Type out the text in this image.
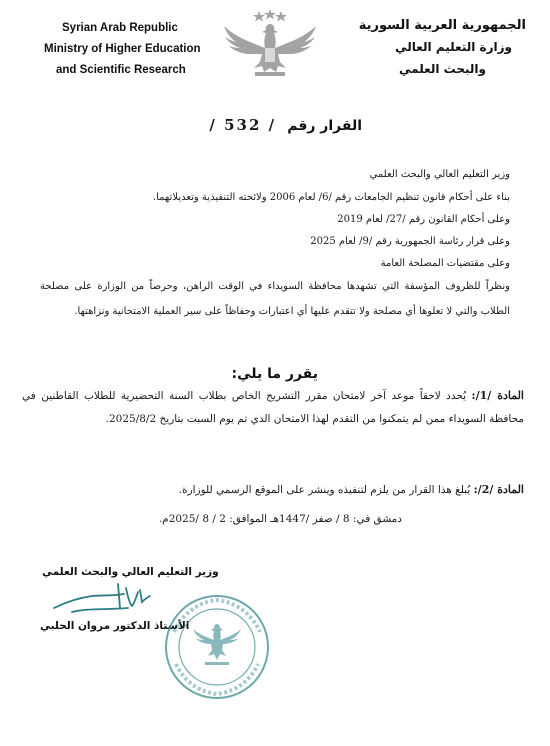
Syrian Arab Republic
Ministry of Higher Education
and Scientific Research
الجمهورية العربية السورية
وزارة التعليم العالي
والبحث العلمي
القرار رقم / 532 /
وزير التعليم العالي والبحث العلمي
بناء على أحكام قانون تنظيم الجامعات رقم /6/ لعام 2006 ولائحته التنفيذية وتعديلاتهما.
وعلى أحكام القانون رقم /27/ لعام 2019
وعلى قرار رئاسة الجمهورية رقم /9/ لعام 2025
وعلى مقتضيات المصلحة العامة
ونظراً للظروف المؤسفة التي تشهدها محافظة السويداء في الوقت الراهن، وحرصاً من الوزارة على مصلحة الطلاب والتي لا تعلوها أي مصلحة ولا تتقدم عليها أي اعتبارات وحفاظاً على سير العملية الامتحانية ونزاهتها.
يقرر ما يلي:
المادة /1/: يُحدد لاحقاً موعد آخر لامتحان مقرر التشريح الخاص بطلاب السنة التحضيرية للطلاب القاطنين في محافظة السويداء ممن لم يتمكنوا من التقدم لهذا الامتحان الذي تم يوم السبت بتاريخ 2025/8/2.
المادة /2/: يُبلغ هذا القرار من يلزم لتنفيذه وينشر على الموقع الرسمي للوزارة.
دمشق في: 8 / صفر /1447هـ الموافق: 2 / 8 /2025م.
وزير التعليم العالي والبحث العلمي
الأستاذ الدكتور مروان الحلبي
